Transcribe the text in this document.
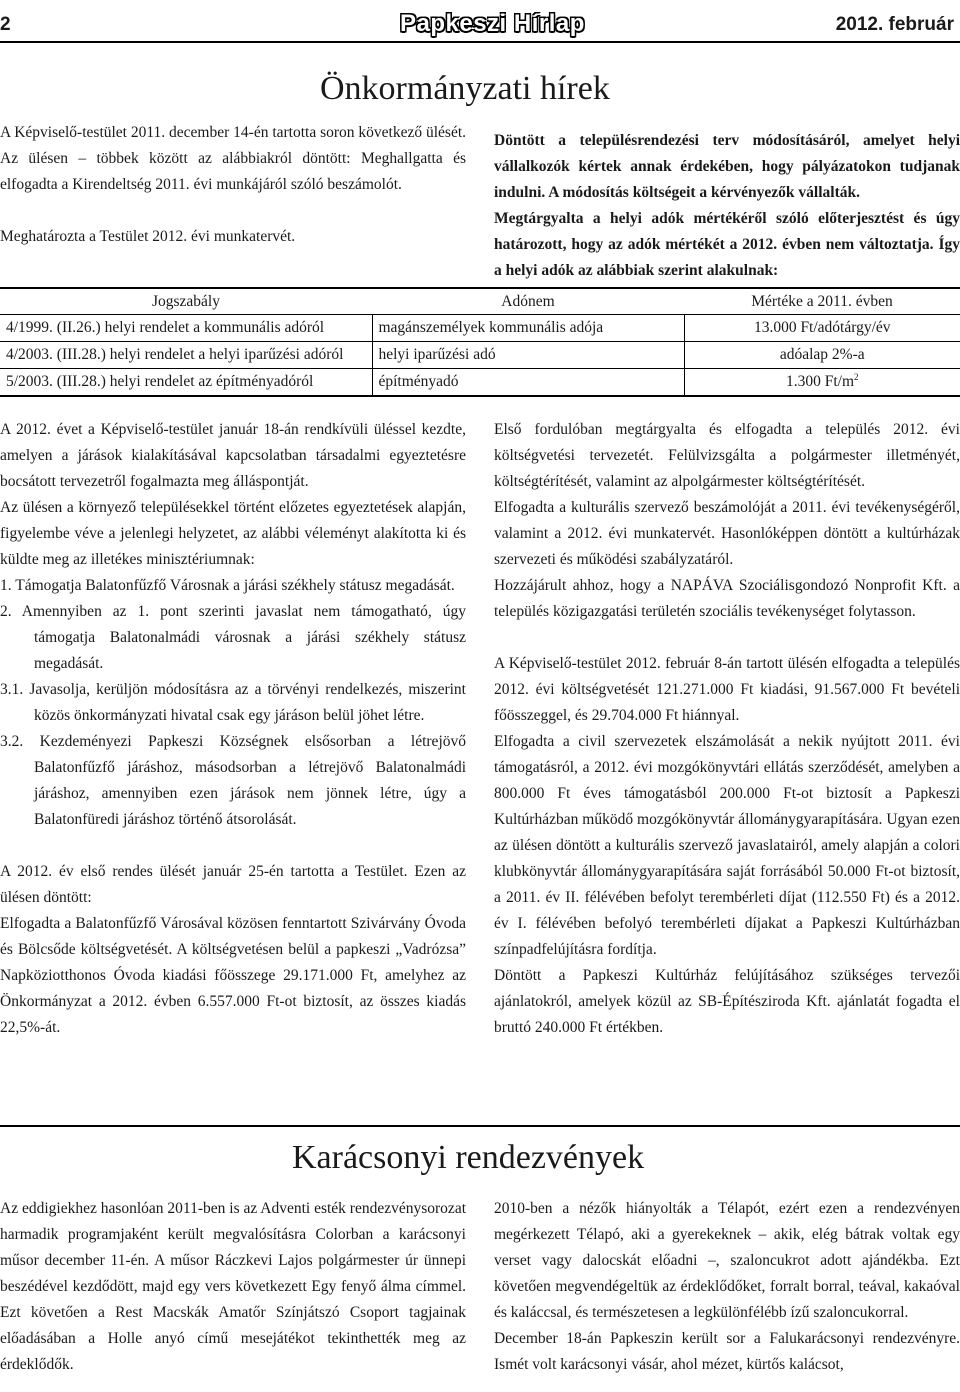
2	Papkeszi Hírlap	2012. február
Önkormányzati hírek

A Képviselő-testület 2011. december 14-én tartotta soron következő ülését. Az ülésen – többek között az alábbiakról döntött: Meghallgatta és elfogadta a Kirendeltség 2011. évi munkájáról szóló beszámolót.

Meghatározta a Testület 2012. évi munkatervét.

Döntött a településrendezési terv módosításáról, amelyet helyi vállalkozók kértek annak érdekében, hogy pályázatokon tudjanak indulni. A módosítás költségeit a kérvényezők vállalták.

Megtárgyalta a helyi adók mértékéről szóló előterjesztést és úgy határozott, hogy az adók mértékét a 2012. évben nem változtatja. Így a helyi adók az alábbiak szerint alakulnak:

Jogszabály	Adónem	Mértéke a 2011. évben
4/1999. (II.26.) helyi rendelet a kommunális adóról	magánszemélyek kommunális adója	13.000 Ft/adótárgy/év
4/2003. (III.28.) helyi rendelet a helyi iparűzési adóról	helyi iparűzési adó	adóalap 2%-a
5/2003. (III.28.) helyi rendelet az építményadóról	építményadó	1.300 $Ft/m^2$

A 2012. évet a Képviselő-testület január 18-án rendkívüli üléssel kezdte, amelyen a járások kialakításával kapcsolatban társadalmi egyeztetésre bocsátott tervezetről fogalmazta meg álláspontját.

Az ülésen a környező településekkel történt előzetes egyeztetések alapján, figyelembe véve a jelenlegi helyzetet, az alábbi véleményt alakította ki és küldte meg az illetékes minisztériumnak:

1. Támogatja Balatonfűzfő Városnak a járási székhely státusz megadását.

2. Amennyiben az 1. pont szerinti javaslat nem támogatható, úgy támogatja Balatonalmádi városnak a járási székhely státusz megadását.

3.1. Javasolja, kerüljön módosításra az a törvényi rendelkezés, miszerint közös önkormányzati hivatal csak egy járáson belül jöhet létre.

3.2. Kezdeményezi Papkeszi Községnek elsősorban a létrejövő Balatonfűzfő járáshoz, másodsorban a létrejövő Balatonalmádi járáshoz, amennyiben ezen járások nem jönnek létre, úgy a Balatonfüredi járáshoz történő átsorolását.

A 2012. év első rendes ülését január 25-én tartotta a Testület. Ezen az ülésen döntött:

Elfogadta a Balatonfűzfő Városával közösen fenntartott Szivárvány Óvoda és Bölcsőde költségvetését. A költségvetésen belül a papkeszi „Vadrózsa” Napköziotthonos Óvoda kiadási főösszege 29.171.000 Ft, amelyhez az Önkormányzat a 2012. évben 6.557.000 Ft-ot biztosít, az összes kiadás 22,5%-át.

Első fordulóban megtárgyalta és elfogadta a település 2012. évi költségvetési tervezetét. Felülvizsgálta a polgármester illetményét, költségtérítését, valamint az alpolgármester költségtérítését.

Elfogadta a kulturális szervező beszámolóját a 2011. évi tevékenységéről, valamint a 2012. évi munkatervét. Hasonlóképpen döntött a kultúrházak szervezeti és működési szabályzatáról.

Hozzájárult ahhoz, hogy a NAPÁVA Szociálisgondozó Nonprofit Kft. a település közigazgatási területén szociális tevékenységet folytasson.

A Képviselő-testület 2012. február 8-án tartott ülésén elfogadta a település 2012. évi költségvetését 121.271.000 Ft kiadási, 91.567.000 Ft bevételi főösszeggel, és 29.704.000 Ft hiánnyal.

Elfogadta a civil szervezetek elszámolását a nekik nyújtott 2011. évi támogatásról, a 2012. évi mozgókönyvtári ellátás szerződését, amelyben a 800.000 Ft éves támogatásból 200.000 Ft-ot biztosít a Papkeszi Kultúrházban működő mozgókönyvtár állománygyarapítására. Ugyan ezen az ülésen döntött a kulturális szervező javaslatairól, amely alapján a colori klubkönyvtár állománygyarapítására saját forrásából 50.000 Ft-ot biztosít, a 2011. év II. félévében befolyt terembérleti díjat (112.550 Ft) és a 2012. év I. félévében befolyó terembérleti díjakat a Papkeszi Kultúrházban színpadfelújításra fordítja.

Döntött a Papkeszi Kultúrház felújításához szükséges tervezői ajánlatokról, amelyek közül az SB-Építésziroda Kft. ajánlatát fogadta el bruttó 240.000 Ft értékben.

Karácsonyi rendezvények

Az eddigiekhez hasonlóan 2011-ben is az Adventi esték rendezvénysorozat harmadik programjaként került megvalósításra Colorban a karácsonyi műsor december 11-én. A műsor Ráczkevi Lajos polgármester úr ünnepi beszédével kezdődött, majd egy vers következett Egy fenyő álma címmel. Ezt követően a Rest Macskák Amatőr Színjátszó Csoport tagjainak előadásában a Holle anyó című mesejátékot tekinthették meg az érdeklődők.

2010-ben a nézők hiányolták a Télapót, ezért ezen a rendezvényen megérkezett Télapó, aki a gyerekeknek – akik, elég bátrak voltak egy verset vagy dalocskát előadni –, szaloncukrot adott ajándékba. Ezt követően megvendégeltük az érdeklődőket, forralt borral, teával, kakaóval és kaláccsal, és természetesen a legkülönfélébb ízű szaloncukorral.

December 18-án Papkeszin került sor a Falukarácsonyi rendezvényre. Ismét volt karácsonyi vásár, ahol mézet, kürtős kalácsot,
